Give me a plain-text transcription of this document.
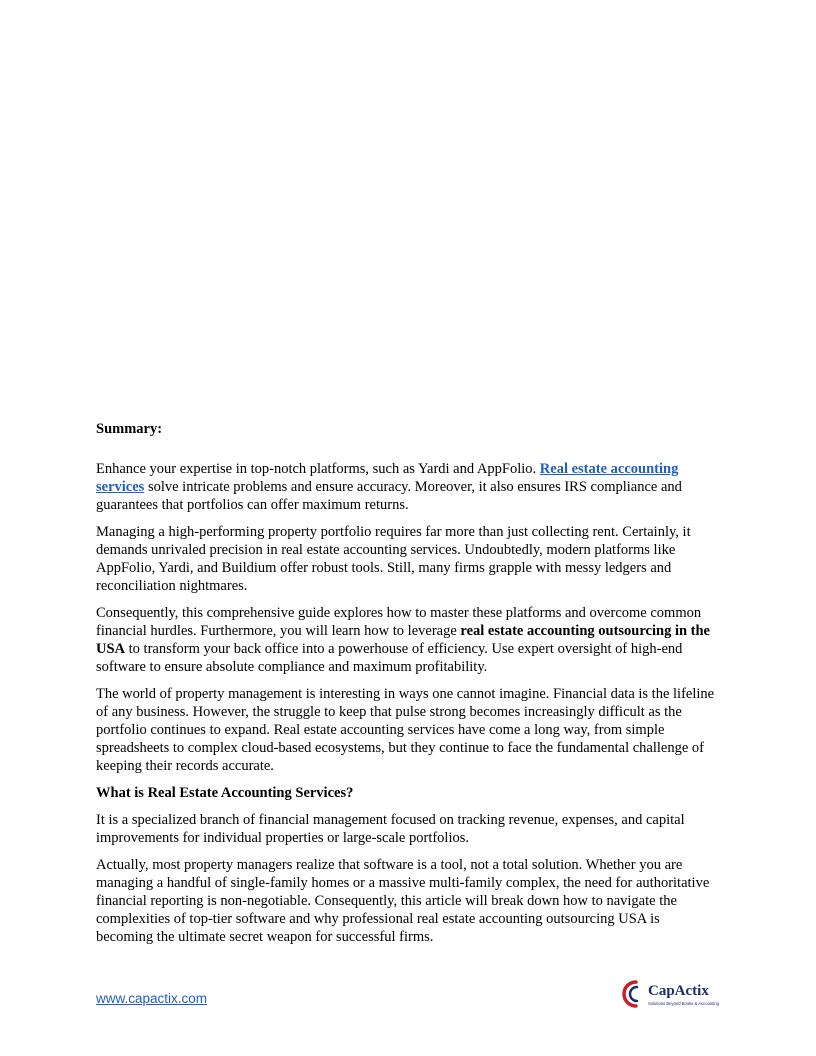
Summary:

Enhance your expertise in top-notch platforms, such as Yardi and AppFolio. Real estate accounting services solve intricate problems and ensure accuracy. Moreover, it also ensures IRS compliance and guarantees that portfolios can offer maximum returns.

Managing a high-performing property portfolio requires far more than just collecting rent. Certainly, it demands unrivaled precision in real estate accounting services. Undoubtedly, modern platforms like AppFolio, Yardi, and Buildium offer robust tools. Still, many firms grapple with messy ledgers and reconciliation nightmares.

Consequently, this comprehensive guide explores how to master these platforms and overcome common financial hurdles. Furthermore, you will learn how to leverage real estate accounting outsourcing in the USA to transform your back office into a powerhouse of efficiency. Use expert oversight of high-end software to ensure absolute compliance and maximum profitability.

The world of property management is interesting in ways one cannot imagine. Financial data is the lifeline of any business. However, the struggle to keep that pulse strong becomes increasingly difficult as the portfolio continues to expand. Real estate accounting services have come a long way, from simple spreadsheets to complex cloud-based ecosystems, but they continue to face the fundamental challenge of keeping their records accurate.

What is Real Estate Accounting Services?

It is a specialized branch of financial management focused on tracking revenue, expenses, and capital improvements for individual properties or large-scale portfolios.

Actually, most property managers realize that software is a tool, not a total solution. Whether you are managing a handful of single-family homes or a massive multi-family complex, the need for authoritative financial reporting is non-negotiable. Consequently, this article will break down how to navigate the complexities of top-tier software and why professional real estate accounting outsourcing USA is becoming the ultimate secret weapon for successful firms.

www.capactix.com	CapActix
Solutions Beyond Books & Accounting
